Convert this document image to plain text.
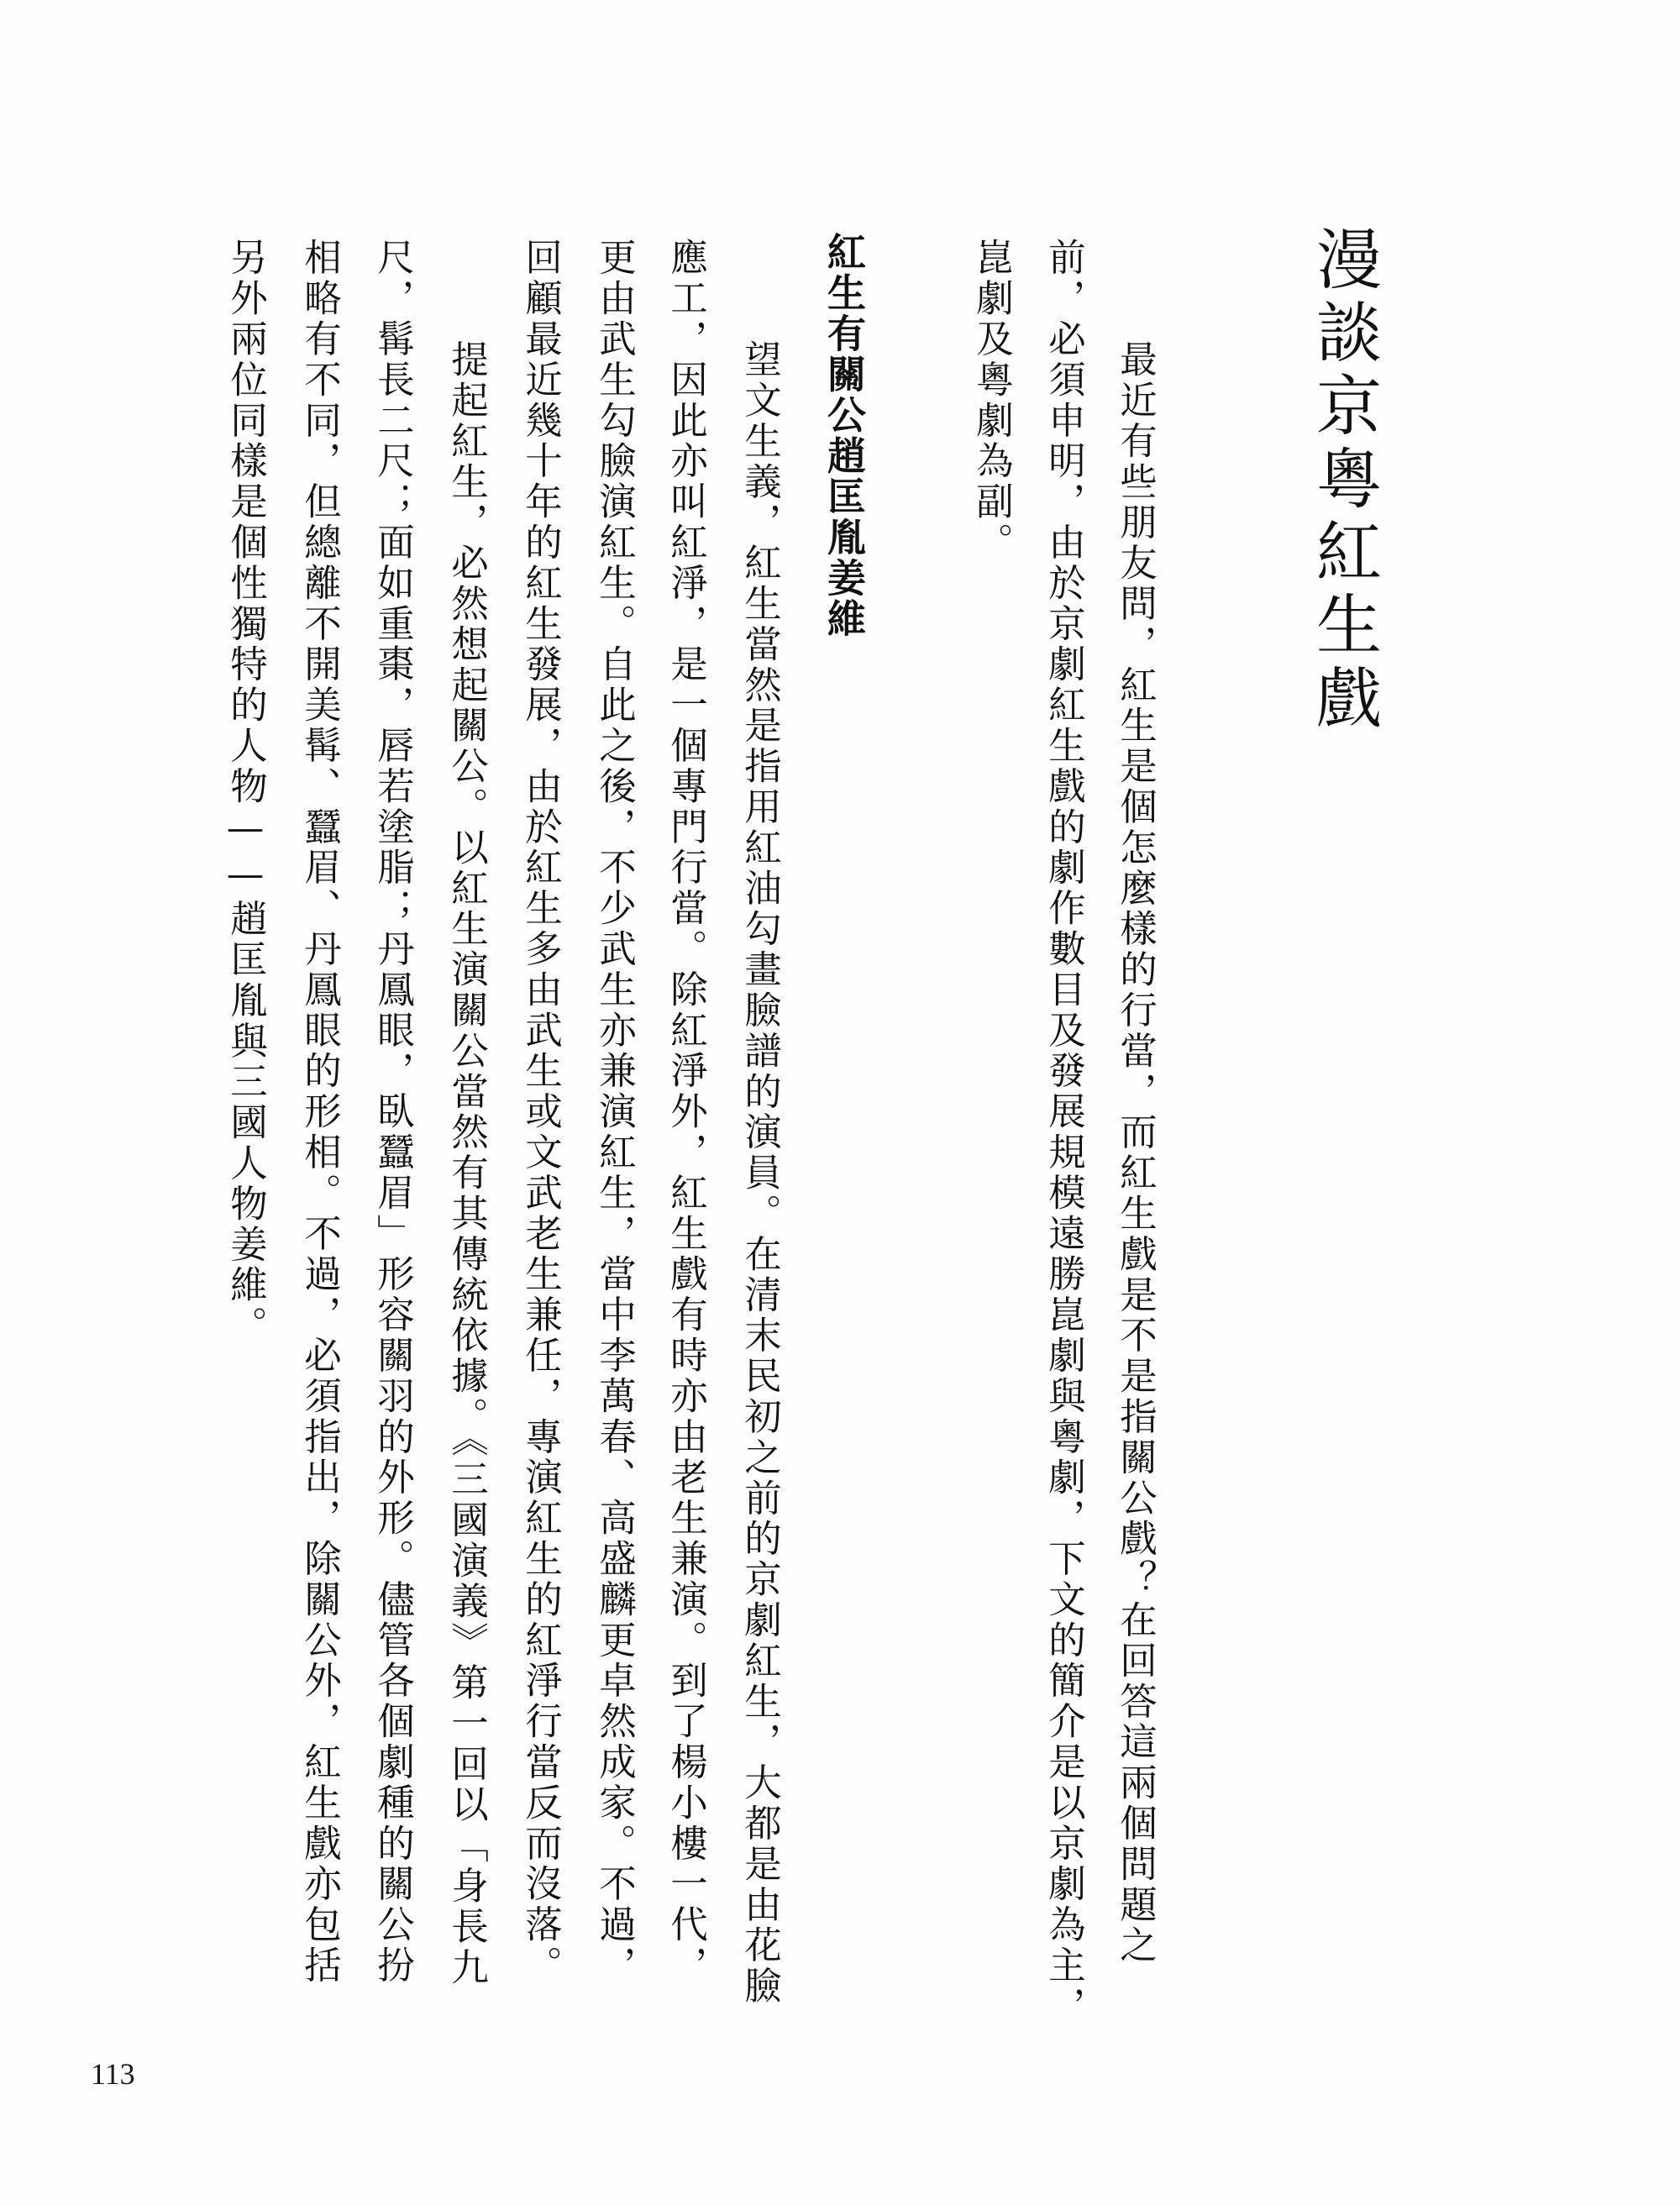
漫談京粵紅生戲
　最近有些朋友問，紅生是個怎麼樣的行當，而紅生戲是不是指關公戲？在回答這兩個問題之
前，必須申明，由於京劇紅生戲的劇作數目及發展規模遠勝崑劇與粵劇，下文的簡介是以京劇為主，
崑劇及粵劇為副。
紅生有關公趙匡胤姜維
　望文生義，紅生當然是指用紅油勾畫臉譜的演員。在清末民初之前的京劇紅生，大都是由花臉
應工，因此亦叫紅淨，是一個專門行當。除紅淨外，紅生戲有時亦由老生兼演。到了楊小樓一代，
更由武生勾臉演紅生。自此之後，不少武生亦兼演紅生，當中李萬春、高盛麟更卓然成家。不過，
回顧最近幾十年的紅生發展，由於紅生多由武生或文武老生兼任，專演紅生的紅淨行當反而沒落。
　提起紅生，必然想起關公。以紅生演關公當然有其傳統依據。《三國演義》第一回以「身長九
尺，髯長二尺；面如重棗，唇若塗脂；丹鳳眼，臥蠶眉」形容關羽的外形。儘管各個劇種的關公扮
相略有不同，但總離不開美髯、蠶眉、丹鳳眼的形相。不過，必須指出，除關公外，紅生戲亦包括
另外兩位同樣是個性獨特的人物——趙匡胤與三國人物姜維。
113
